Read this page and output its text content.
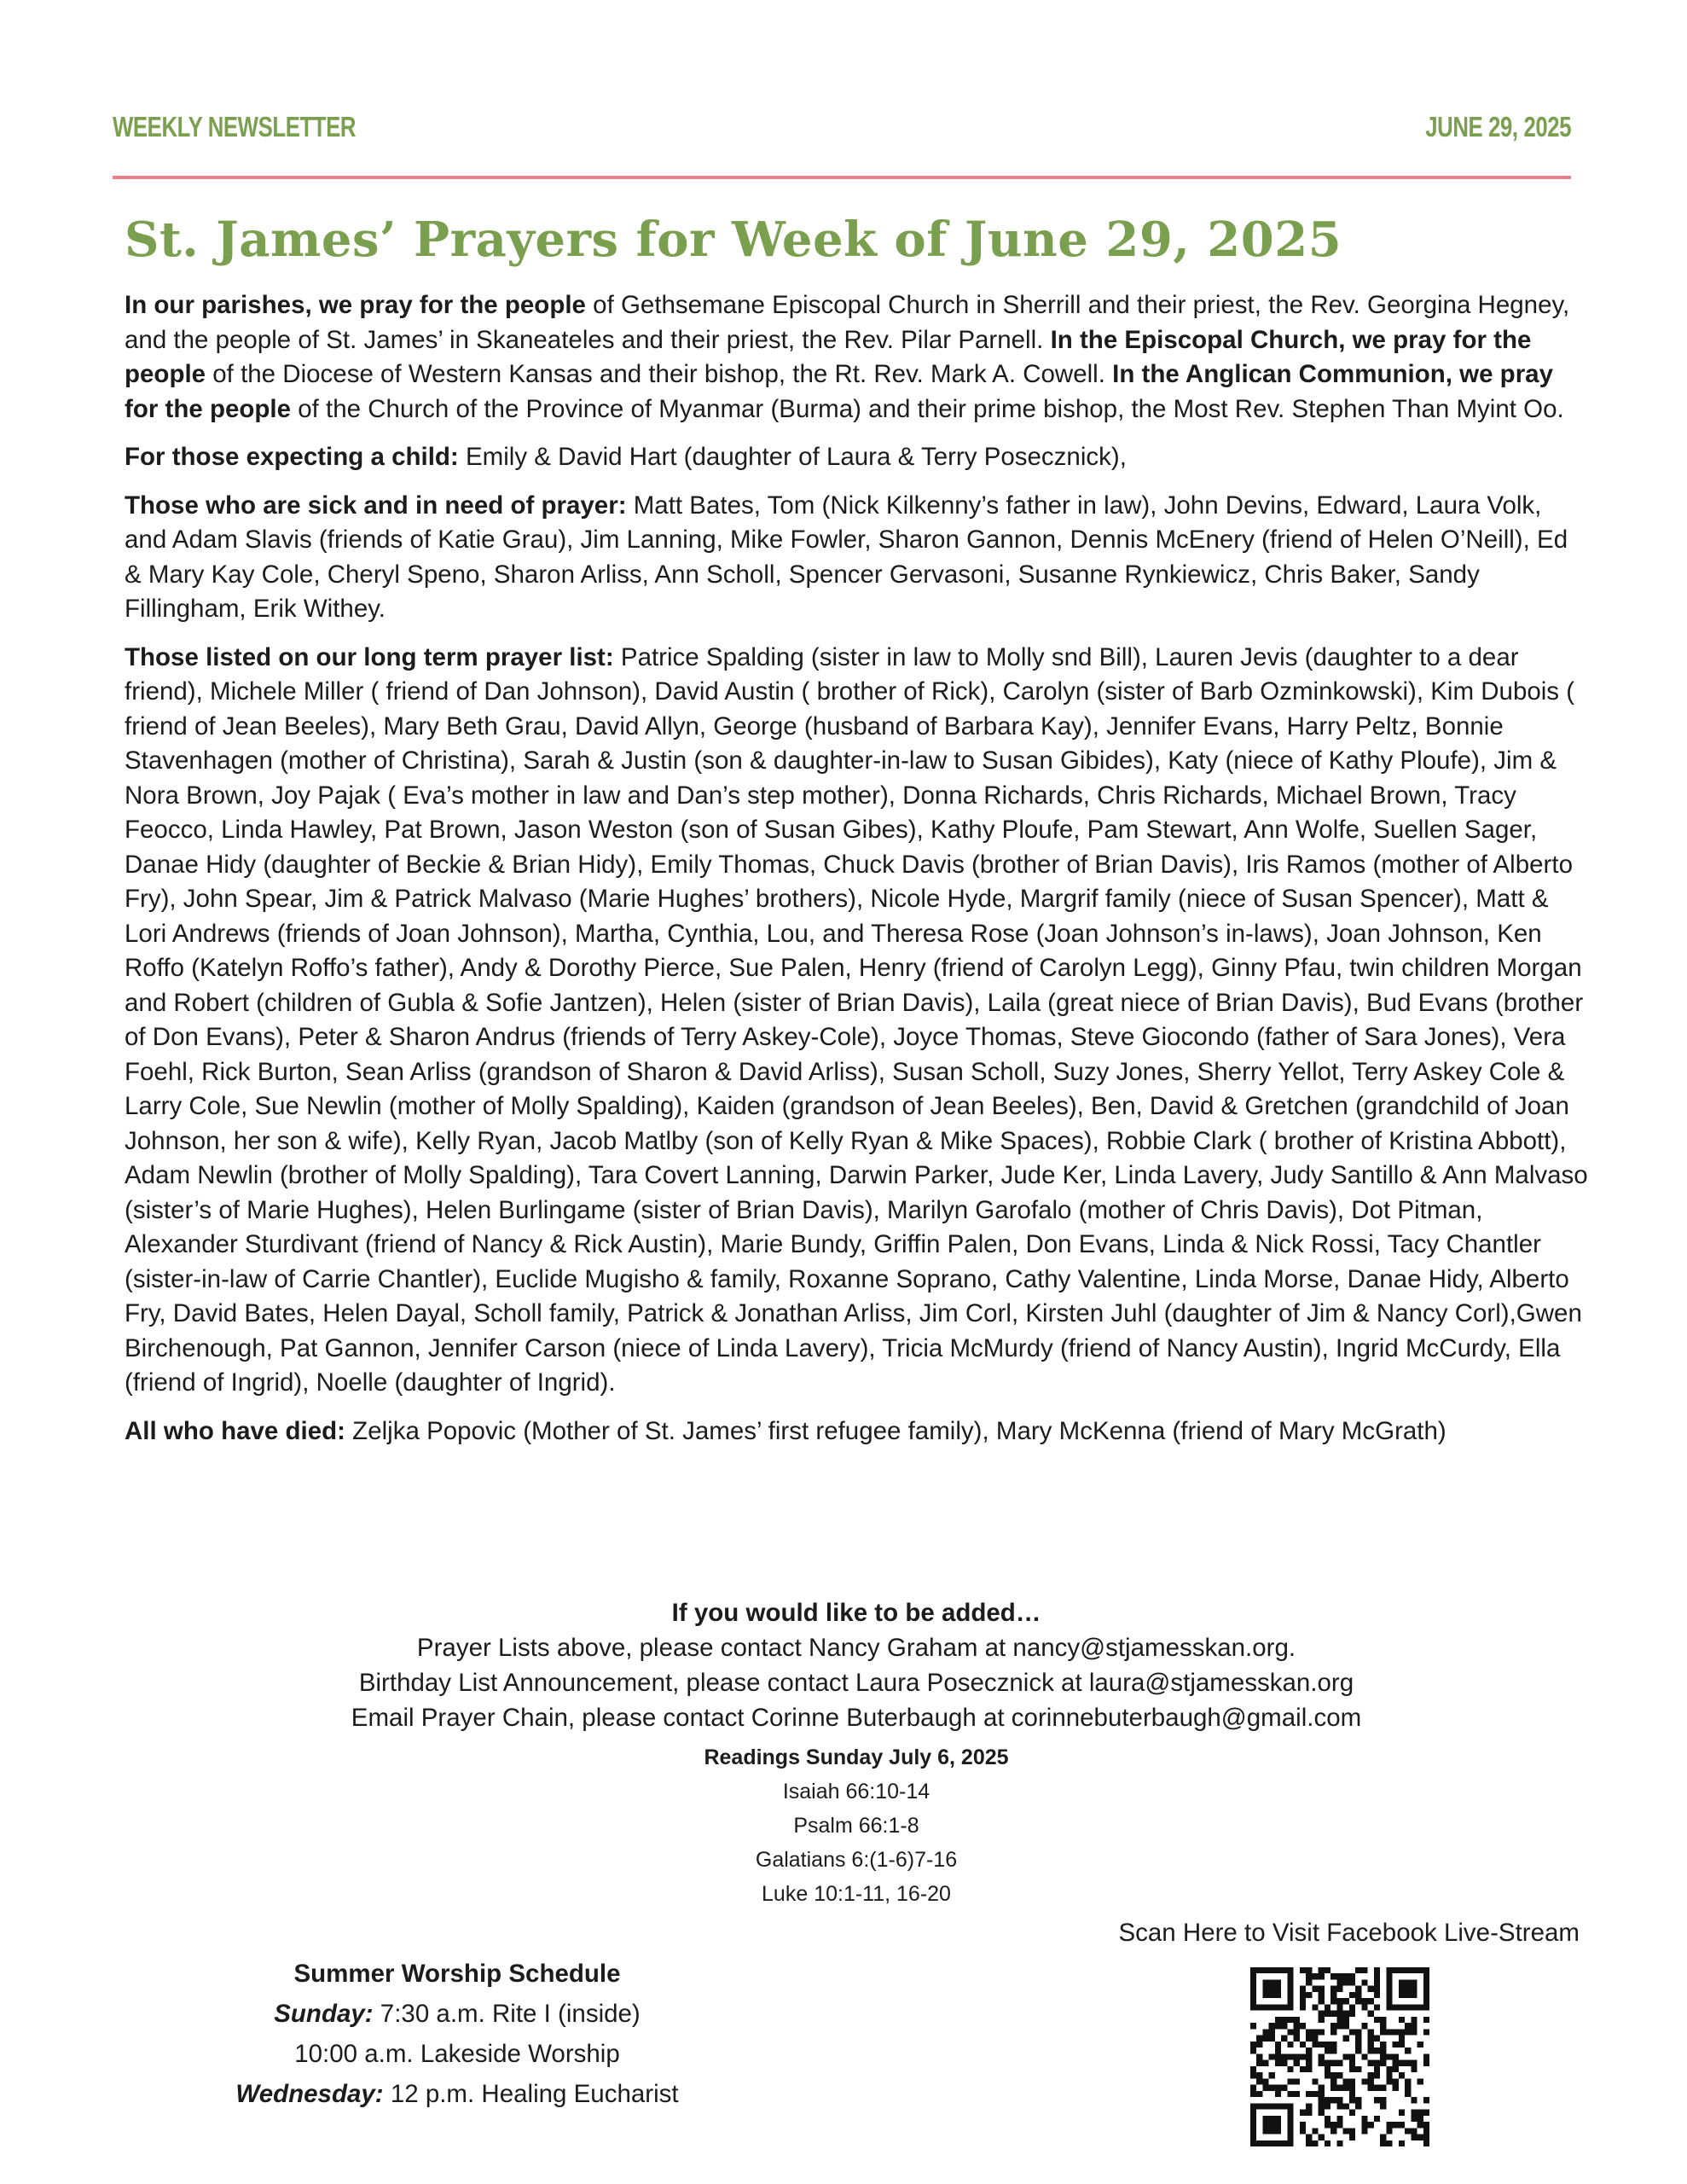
WEEKLY NEWSLETTER	JUNE 29, 2025
St. James’ Prayers for Week of June 29, 2025

In our parishes, we pray for the people of Gethsemane Episcopal Church in Sherrill and their priest, the Rev. Georgina Hegney, and the people of St. James’ in Skaneateles and their priest, the Rev. Pilar Parnell. In the Episcopal Church, we pray for the people of the Diocese of Western Kansas and their bishop, the Rt. Rev. Mark A. Cowell. In the Anglican Communion, we pray for the people of the Church of the Province of Myanmar (Burma) and their prime bishop, the Most Rev. Stephen Than Myint Oo.

For those expecting a child: Emily & David Hart (daughter of Laura & Terry Posecznick),

Those who are sick and in need of prayer: Matt Bates, Tom (Nick Kilkenny’s father in law), John Devins, Edward, Laura Volk, and Adam Slavis (friends of Katie Grau), Jim Lanning, Mike Fowler, Sharon Gannon, Dennis McEnery (friend of Helen O’Neill), Ed & Mary Kay Cole, Cheryl Speno, Sharon Arliss, Ann Scholl, Spencer Gervasoni, Susanne Rynkiewicz, Chris Baker, Sandy Fillingham, Erik Withey.

Those listed on our long term prayer list: Patrice Spalding (sister in law to Molly snd Bill), Lauren Jevis (daughter to a dear friend), Michele Miller ( friend of Dan Johnson), David Austin ( brother of Rick), Carolyn (sister of Barb Ozminkowski), Kim Dubois ( friend of Jean Beeles), Mary Beth Grau, David Allyn, George (husband of Barbara Kay), Jennifer Evans, Harry Peltz, Bonnie Stavenhagen (mother of Christina), Sarah & Justin (son & daughter-in-law to Susan Gibides), Katy (niece of Kathy Ploufe), Jim & Nora Brown, Joy Pajak ( Eva’s mother in law and Dan’s step mother), Donna Richards, Chris Richards, Michael Brown, Tracy Feocco, Linda Hawley, Pat Brown, Jason Weston (son of Susan Gibes), Kathy Ploufe, Pam Stewart, Ann Wolfe, Suellen Sager, Danae Hidy (daughter of Beckie & Brian Hidy), Emily Thomas, Chuck Davis (brother of Brian Davis), Iris Ramos (mother of Alberto Fry), John Spear, Jim & Patrick Malvaso (Marie Hughes’ brothers), Nicole Hyde, Margrif family (niece of Susan Spencer), Matt & Lori Andrews (friends of Joan Johnson), Martha, Cynthia, Lou, and Theresa Rose (Joan Johnson’s in-laws), Joan Johnson, Ken Roffo (Katelyn Roffo’s father), Andy & Dorothy Pierce, Sue Palen, Henry (friend of Carolyn Legg), Ginny Pfau, twin children Morgan and Robert (children of Gubla & Sofie Jantzen), Helen (sister of Brian Davis), Laila (great niece of Brian Davis), Bud Evans (brother of Don Evans), Peter & Sharon Andrus (friends of Terry Askey-Cole), Joyce Thomas, Steve Giocondo (father of Sara Jones), Vera Foehl, Rick Burton, Sean Arliss (grandson of Sharon & David Arliss), Susan Scholl, Suzy Jones, Sherry Yellot, Terry Askey Cole & Larry Cole, Sue Newlin (mother of Molly Spalding), Kaiden (grandson of Jean Beeles), Ben, David & Gretchen (grandchild of Joan Johnson, her son & wife), Kelly Ryan, Jacob Matlby (son of Kelly Ryan & Mike Spaces), Robbie Clark ( brother of Kristina Abbott), Adam Newlin (brother of Molly Spalding), Tara Covert Lanning, Darwin Parker, Jude Ker, Linda Lavery, Judy Santillo & Ann Malvaso (sister’s of Marie Hughes), Helen Burlingame (sister of Brian Davis), Marilyn Garofalo (mother of Chris Davis), Dot Pitman, Alexander Sturdivant (friend of Nancy & Rick Austin), Marie Bundy, Griffin Palen, Don Evans, Linda & Nick Rossi, Tacy Chantler (sister-in-law of Carrie Chantler), Euclide Mugisho & family, Roxanne Soprano, Cathy Valentine, Linda Morse, Danae Hidy, Alberto Fry, David Bates, Helen Dayal, Scholl family, Patrick & Jonathan Arliss, Jim Corl, Kirsten Juhl (daughter of Jim & Nancy Corl),Gwen Birchenough, Pat Gannon, Jennifer Carson (niece of Linda Lavery), Tricia McMurdy (friend of Nancy Austin), Ingrid McCurdy, Ella (friend of Ingrid), Noelle (daughter of Ingrid).

All who have died: Zeljka Popovic (Mother of St. James’ first refugee family), Mary McKenna (friend of Mary McGrath)

If you would like to be added…
Prayer Lists above, please contact Nancy Graham at nancy@stjamesskan.org.
Birthday List Announcement, please contact Laura Posecznick at laura@stjamesskan.org
Email Prayer Chain, please contact Corinne Buterbaugh at corinnebuterbaugh@gmail.com
Readings Sunday July 6, 2025
Isaiah 66:10-14
Psalm 66:1-8
Galatians 6:(1-6)7-16
Luke 10:1-11, 16-20
Summer Worship Schedule
Sunday: 7:30 a.m. Rite I (inside)
10:00 a.m. Lakeside Worship
Wednesday: 12 p.m. Healing Eucharist
Scan Here to Visit Facebook Live-Stream
